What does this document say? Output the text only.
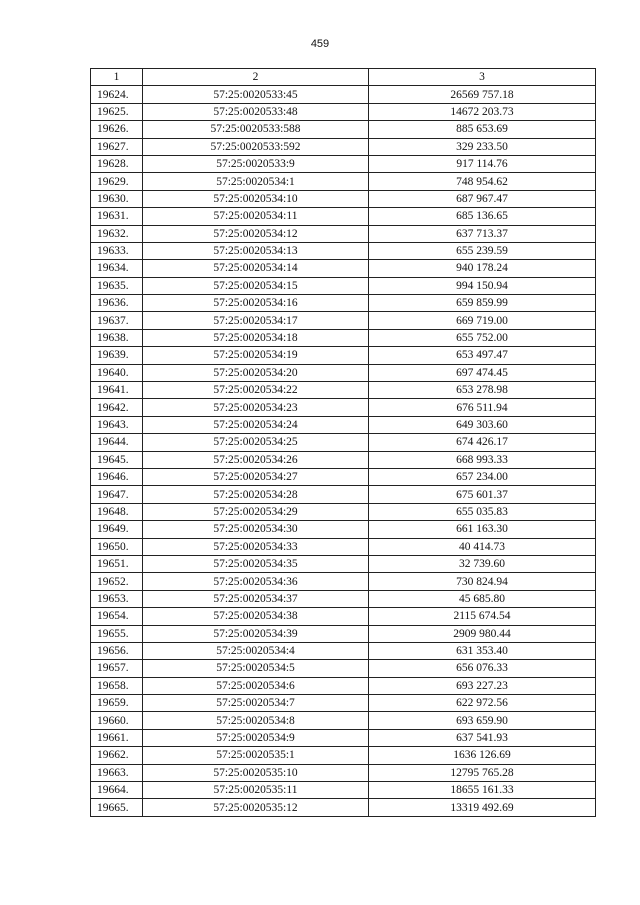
459
1	2	3
19624.	57:25:0020533:45	26569 757.18
19625.	57:25:0020533:48	14672 203.73
19626.	57:25:0020533:588	885 653.69
19627.	57:25:0020533:592	329 233.50
19628.	57:25:0020533:9	917 114.76
19629.	57:25:0020534:1	748 954.62
19630.	57:25:0020534:10	687 967.47
19631.	57:25:0020534:11	685 136.65
19632.	57:25:0020534:12	637 713.37
19633.	57:25:0020534:13	655 239.59
19634.	57:25:0020534:14	940 178.24
19635.	57:25:0020534:15	994 150.94
19636.	57:25:0020534:16	659 859.99
19637.	57:25:0020534:17	669 719.00
19638.	57:25:0020534:18	655 752.00
19639.	57:25:0020534:19	653 497.47
19640.	57:25:0020534:20	697 474.45
19641.	57:25:0020534:22	653 278.98
19642.	57:25:0020534:23	676 511.94
19643.	57:25:0020534:24	649 303.60
19644.	57:25:0020534:25	674 426.17
19645.	57:25:0020534:26	668 993.33
19646.	57:25:0020534:27	657 234.00
19647.	57:25:0020534:28	675 601.37
19648.	57:25:0020534:29	655 035.83
19649.	57:25:0020534:30	661 163.30
19650.	57:25:0020534:33	40 414.73
19651.	57:25:0020534:35	32 739.60
19652.	57:25:0020534:36	730 824.94
19653.	57:25:0020534:37	45 685.80
19654.	57:25:0020534:38	2115 674.54
19655.	57:25:0020534:39	2909 980.44
19656.	57:25:0020534:4	631 353.40
19657.	57:25:0020534:5	656 076.33
19658.	57:25:0020534:6	693 227.23
19659.	57:25:0020534:7	622 972.56
19660.	57:25:0020534:8	693 659.90
19661.	57:25:0020534:9	637 541.93
19662.	57:25:0020535:1	1636 126.69
19663.	57:25:0020535:10	12795 765.28
19664.	57:25:0020535:11	18655 161.33
19665.	57:25:0020535:12	13319 492.69
